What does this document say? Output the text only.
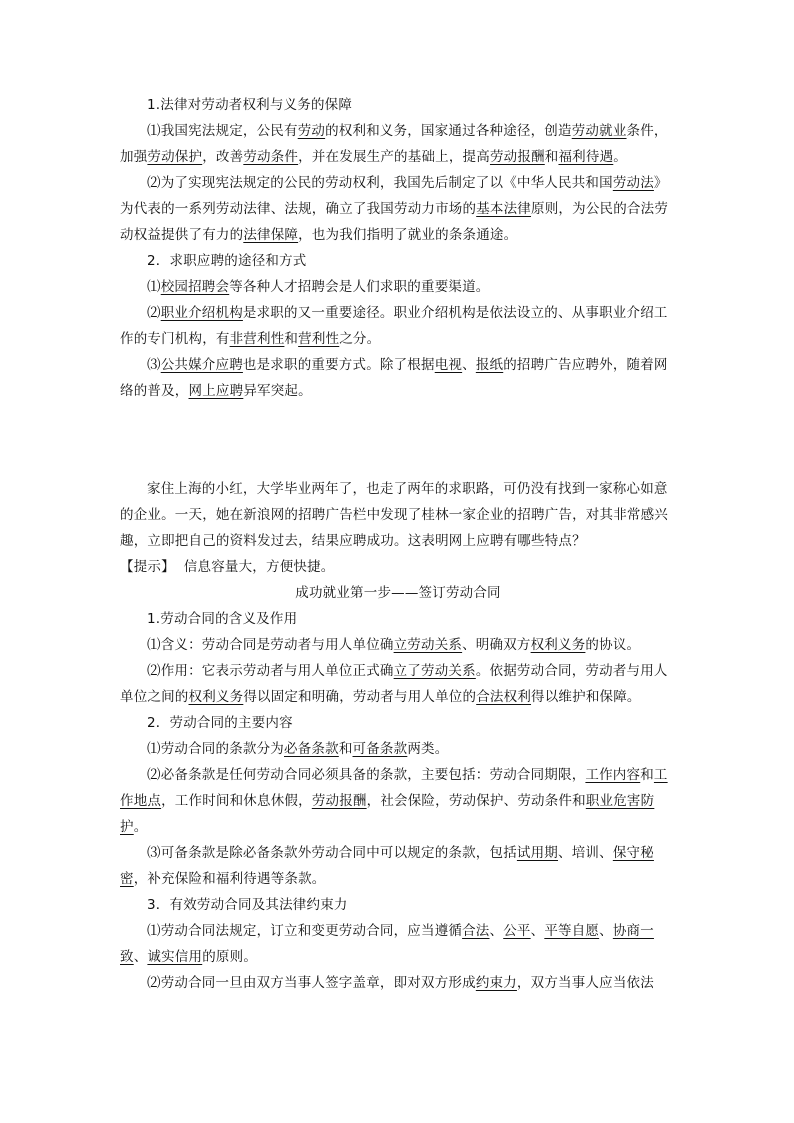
1.法律对劳动者权利与义务的保障

⑴我国宪法规定，公民有劳动的权利和义务，国家通过各种途径，创造劳动就业条件，加强劳动保护，改善劳动条件，并在发展生产的基础上，提高劳动报酬和福利待遇。

⑵为了实现宪法规定的公民的劳动权利，我国先后制定了以《中华人民共和国劳动法》为代表的一系列劳动法律、法规，确立了我国劳动力市场的基本法律原则，为公民的合法劳动权益提供了有力的法律保障，也为我们指明了就业的条条通途。

2．求职应聘的途径和方式

⑴校园招聘会等各种人才招聘会是人们求职的重要渠道。

⑵职业介绍机构是求职的又一重要途径。职业介绍机构是依法设立的、从事职业介绍工作的专门机构，有非营利性和营利性之分。

⑶公共媒介应聘也是求职的重要方式。除了根据电视、报纸的招聘广告应聘外，随着网络的普及，网上应聘异军突起。

家住上海的小红，大学毕业两年了，也走了两年的求职路，可仍没有找到一家称心如意的企业。一天，她在新浪网的招聘广告栏中发现了桂林一家企业的招聘广告，对其非常感兴趣，立即把自己的资料发过去，结果应聘成功。这表明网上应聘有哪些特点？

【提示】 信息容量大，方便快捷。

成功就业第一步——签订劳动合同

1.劳动合同的含义及作用

⑴含义：劳动合同是劳动者与用人单位确立劳动关系、明确双方权利义务的协议。

⑵作用：它表示劳动者与用人单位正式确立了劳动关系。依据劳动合同，劳动者与用人单位之间的权利义务得以固定和明确，劳动者与用人单位的合法权利得以维护和保障。

2．劳动合同的主要内容

⑴劳动合同的条款分为必备条款和可备条款两类。

⑵必备条款是任何劳动合同必须具备的条款，主要包括：劳动合同期限，工作内容和工作地点，工作时间和休息休假，劳动报酬，社会保险，劳动保护、劳动条件和职业危害防护。

⑶可备条款是除必备条款外劳动合同中可以规定的条款，包括试用期、培训、保守秘密，补充保险和福利待遇等条款。

3．有效劳动合同及其法律约束力

⑴劳动合同法规定，订立和变更劳动合同，应当遵循合法、公平、平等自愿、协商一致、诚实信用的原则。

⑵劳动合同一旦由双方当事人签字盖章，即对双方形成约束力，双方当事人应当依法
